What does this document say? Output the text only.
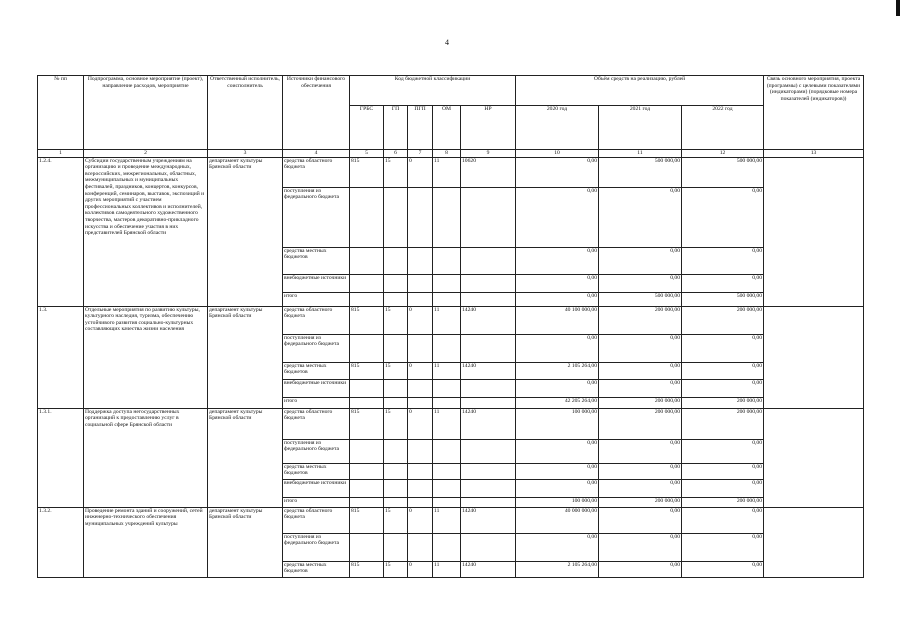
4
№ пп	Подпрограмма, основное мероприятие (проект), направление расходов, мероприятие	Ответственный исполнитель, соисполнитель	Источники финансового обеспечения	Код бюджетной классификации					Объём средств на реализацию, рублей			Связь основного мероприятия, проекта (программы) с целевыми показателями (индикаторами) (порядковые номера показателей (индикаторов))
				ГРБС	ГП	ПГП	ОМ	НР	2020 год	2021 год	2022 год	
1	2	3	4	5	6	7	8	9	10	11	12	13
1.2.4.	Субсидии государственным учреждениям на организацию и проведение международных, всероссийских, межрегиональных, областных, межмуниципальных и муниципальных фестивалей, праздников, концертов, конкурсов, конференций, семинаров, выставок, экспозиций и других мероприятий с участием профессиональных коллективов и исполнителей, коллективов самодеятельного художественного творчества, мастеров декоративно-прикладного искусства и обеспечение участия в них представителей Брянской области	департамент культуры Брянской области	средства областного бюджета	815	15	0	11	10620	0,00	500 000,00	500 000,00	
			поступления из федерального бюджета						0,00	0,00	0,00	
			средства местных бюджетов						0,00	0,00	0,00	
			внебюджетные источники						0,00	0,00	0,00	
			итого						0,00	500 000,00	500 000,00	
1.3.	Отдельные мероприятия по развитию культуры, культурного наследия, туризма, обеспечению устойчивого развития социально-культурных составляющих качества жизни населения	департамент культуры Брянской области	средства областного бюджета	815	15	0	11	14240	40 100 000,00	200 000,00	200 000,00	
			поступления из федерального бюджета						0,00	0,00	0,00	
			средства местных бюджетов	815	15	0	11	14240	2 105 264,00	0,00	0,00	
			внебюджетные источники						0,00	0,00	0,00	
			итого						42 205 264,00	200 000,00	200 000,00	
1.3.1.	Поддержка доступа негосударственных организаций к предоставлению услуг в социальной сфере Брянской области	департамент культуры Брянской области	средства областного бюджета	815	15	0	11	14240	100 000,00	200 000,00	200 000,00	
			поступления из федерального бюджета						0,00	0,00	0,00	
			средства местных бюджетов						0,00	0,00	0,00	
			внебюджетные источники						0,00	0,00	0,00	
			итого						100 000,00	200 000,00	200 000,00	
1.3.2.	Проведение ремонта зданий и сооружений, сетей инженерно-технического обеспечения муниципальных учреждений культуры	департамент культуры Брянской области	средства областного бюджета	815	15	0	11	14240	40 000 000,00	0,00	0,00	
			поступления из федерального бюджета						0,00	0,00	0,00	
			средства местных бюджетов	815	15	0	11	14240	2 105 264,00	0,00	0,00	
